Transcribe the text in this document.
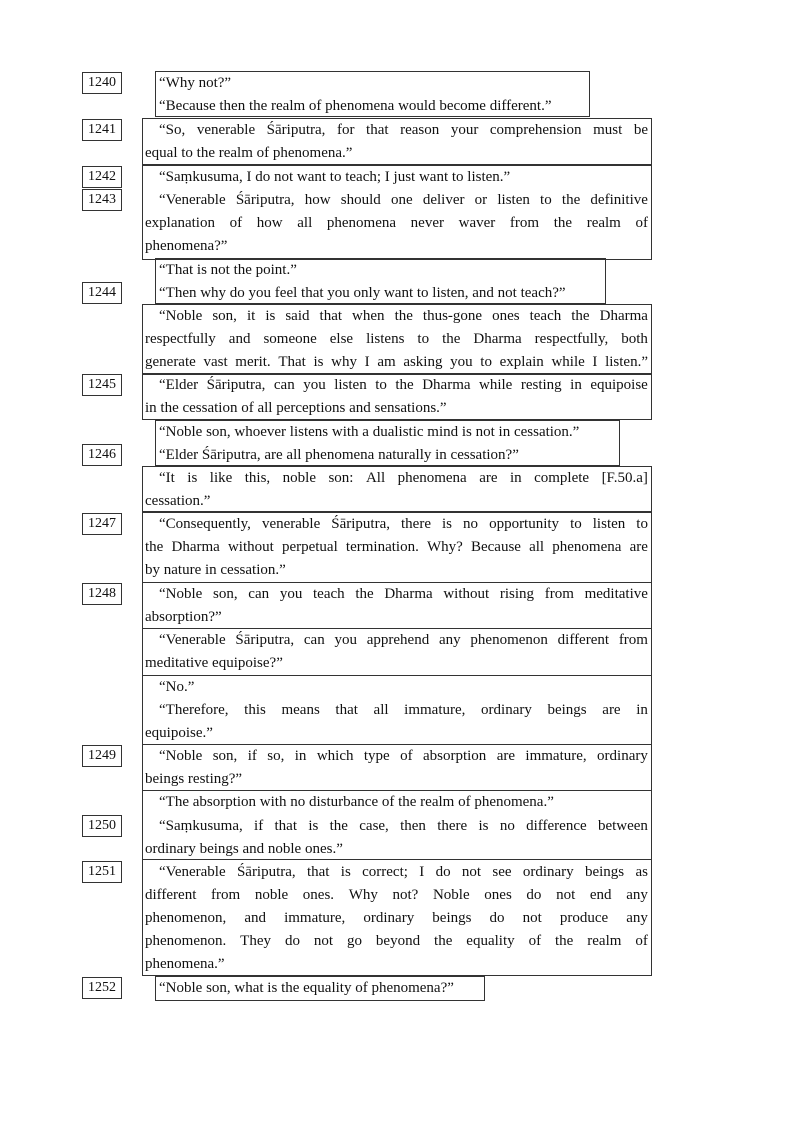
1240
1241
1242
1243
1244
1245
1246
1247
1248
1249
1250
1251
1252
“Why not?”
“Because then the realm of phenomena would become different.”
“So, venerable Śāriputra, for that reason your comprehension must be
equal to the realm of phenomena.”
“Saṃkusuma, I do not want to teach; I just want to listen.”
“Venerable Śāriputra, how should one deliver or listen to the definitive
explanation of how all phenomena never waver from the realm of
phenomena?”
“That is not the point.”
“Then why do you feel that you only want to listen, and not teach?”
“Noble son, it is said that when the thus-gone ones teach the Dharma
respectfully and someone else listens to the Dharma respectfully, both
generate vast merit. That is why I am asking you to explain while I listen.”
“Elder Śāriputra, can you listen to the Dharma while resting in equipoise
in the cessation of all perceptions and sensations.”
“Noble son, whoever listens with a dualistic mind is not in cessation.”
“Elder Śāriputra, are all phenomena naturally in cessation?”
“It is like this, noble son: All phenomena are in complete [F.50.a]
cessation.”
“Consequently, venerable Śāriputra, there is no opportunity to listen to
the Dharma without perpetual termination. Why? Because all phenomena are
by nature in cessation.”
“Noble son, can you teach the Dharma without rising from meditative
absorption?”
“Venerable Śāriputra, can you apprehend any phenomenon different from
meditative equipoise?”
“No.”
“Therefore, this means that all immature, ordinary beings are in
equipoise.”
“Noble son, if so, in which type of absorption are immature, ordinary
beings resting?”
“The absorption with no disturbance of the realm of phenomena.”
“Saṃkusuma, if that is the case, then there is no difference between
ordinary beings and noble ones.”
“Venerable Śāriputra, that is correct; I do not see ordinary beings as
different from noble ones. Why not? Noble ones do not end any
phenomenon, and immature, ordinary beings do not produce any
phenomenon. They do not go beyond the equality of the realm of
phenomena.”
“Noble son, what is the equality of phenomena?”
